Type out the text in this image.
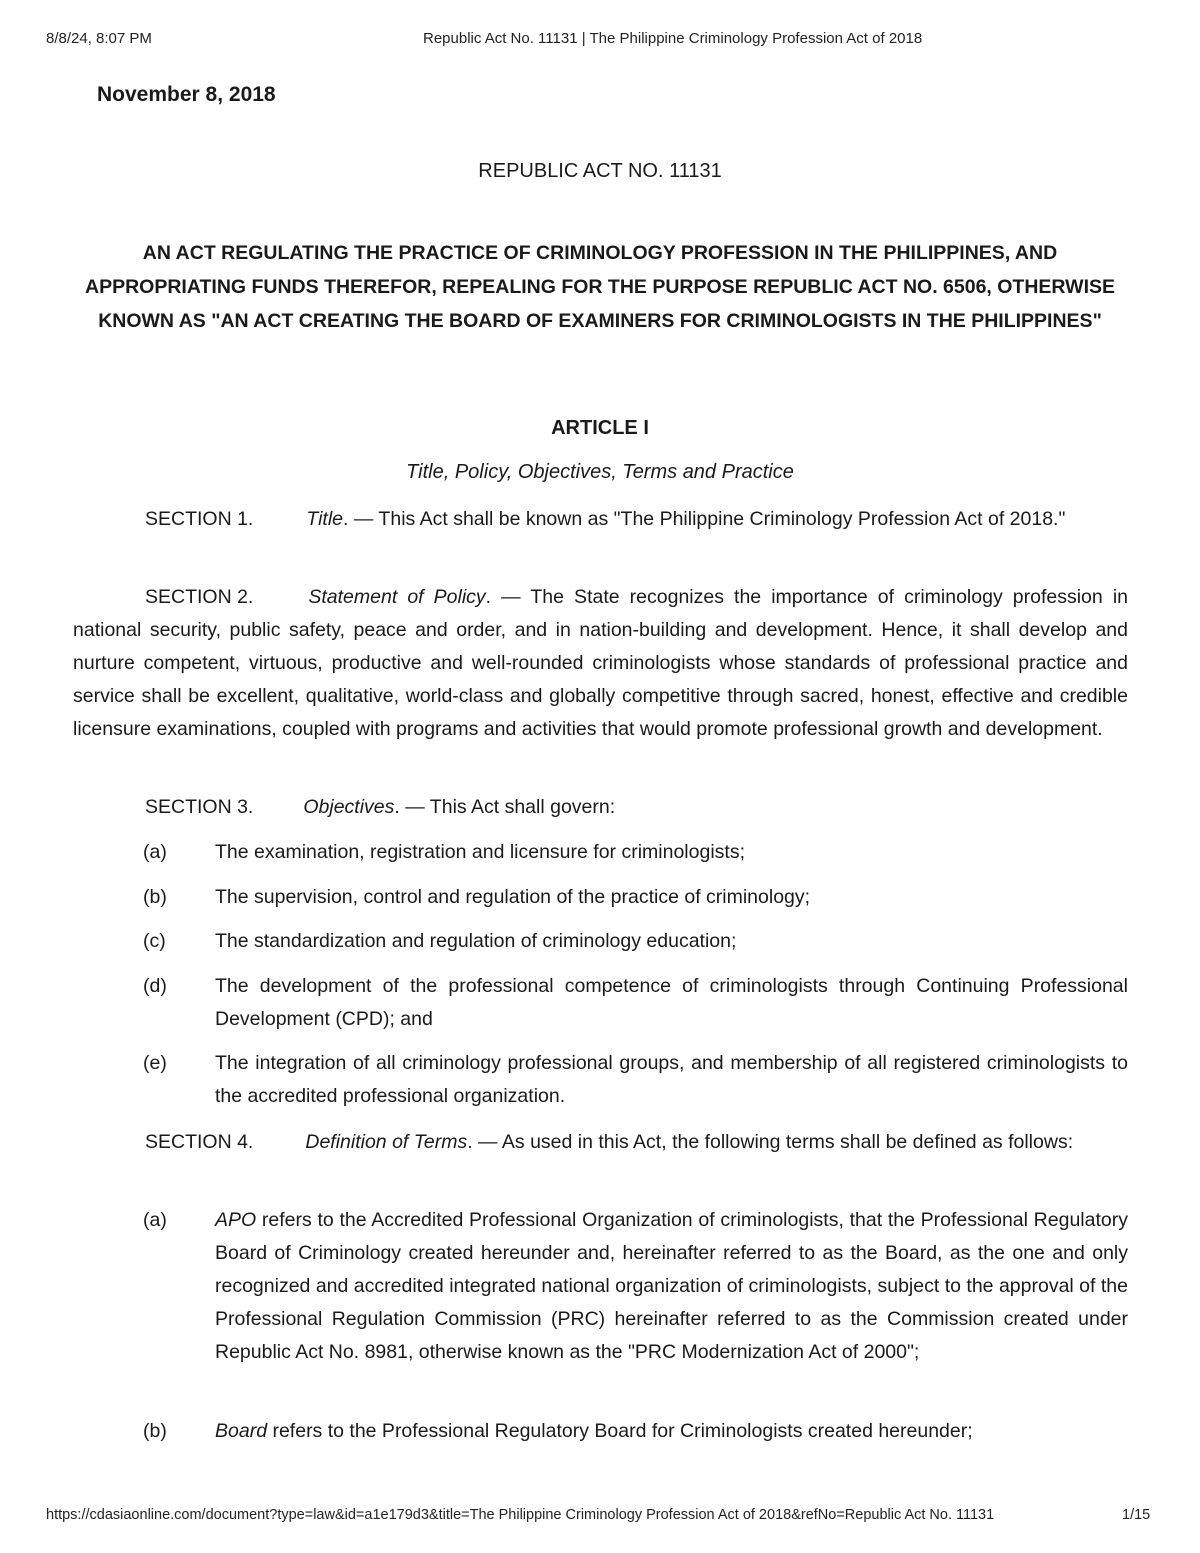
8/8/24, 8:07 PM	Republic Act No. 11131 | The Philippine Criminology Profession Act of 2018
November 8, 2018
REPUBLIC ACT NO. 11131
AN ACT REGULATING THE PRACTICE OF CRIMINOLOGY PROFESSION IN THE PHILIPPINES, AND APPROPRIATING FUNDS THEREFOR, REPEALING FOR THE PURPOSE REPUBLIC ACT NO. 6506, OTHERWISE KNOWN AS "AN ACT CREATING THE BOARD OF EXAMINERS FOR CRIMINOLOGISTS IN THE PHILIPPINES"
ARTICLE I
Title, Policy, Objectives, Terms and Practice
SECTION 1.	Title. — This Act shall be known as "The Philippine Criminology Profession Act of 2018."
SECTION 2.	Statement of Policy. — The State recognizes the importance of criminology profession in national security, public safety, peace and order, and in nation-building and development. Hence, it shall develop and nurture competent, virtuous, productive and well-rounded criminologists whose standards of professional practice and service shall be excellent, qualitative, world-class and globally competitive through sacred, honest, effective and credible licensure examinations, coupled with programs and activities that would promote professional growth and development.
SECTION 3.	Objectives. — This Act shall govern:
(a) The examination, registration and licensure for criminologists;
(b) The supervision, control and regulation of the practice of criminology;
(c)	The standardization and regulation of criminology education;
(d) The development of the professional competence of criminologists through Continuing Professional Development (CPD); and
(e) The integration of all criminology professional groups, and membership of all registered criminologists to the accredited professional organization.
SECTION 4.	Definition of Terms. — As used in this Act, the following terms shall be defined as follows:
(a) APO refers to the Accredited Professional Organization of criminologists, that the Professional Regulatory Board of Criminology created hereunder and, hereinafter referred to as the Board, as the one and only recognized and accredited integrated national organization of criminologists, subject to the approval of the Professional Regulation Commission (PRC) hereinafter referred to as the Commission created under Republic Act No. 8981, otherwise known as the "PRC Modernization Act of 2000";
(b) Board refers to the Professional Regulatory Board for Criminologists created hereunder;
https://cdasiaonline.com/document?type=law&id=a1e179d3&title=The Philippine Criminology Profession Act of 2018&refNo=Republic Act No. 11131	1/15
